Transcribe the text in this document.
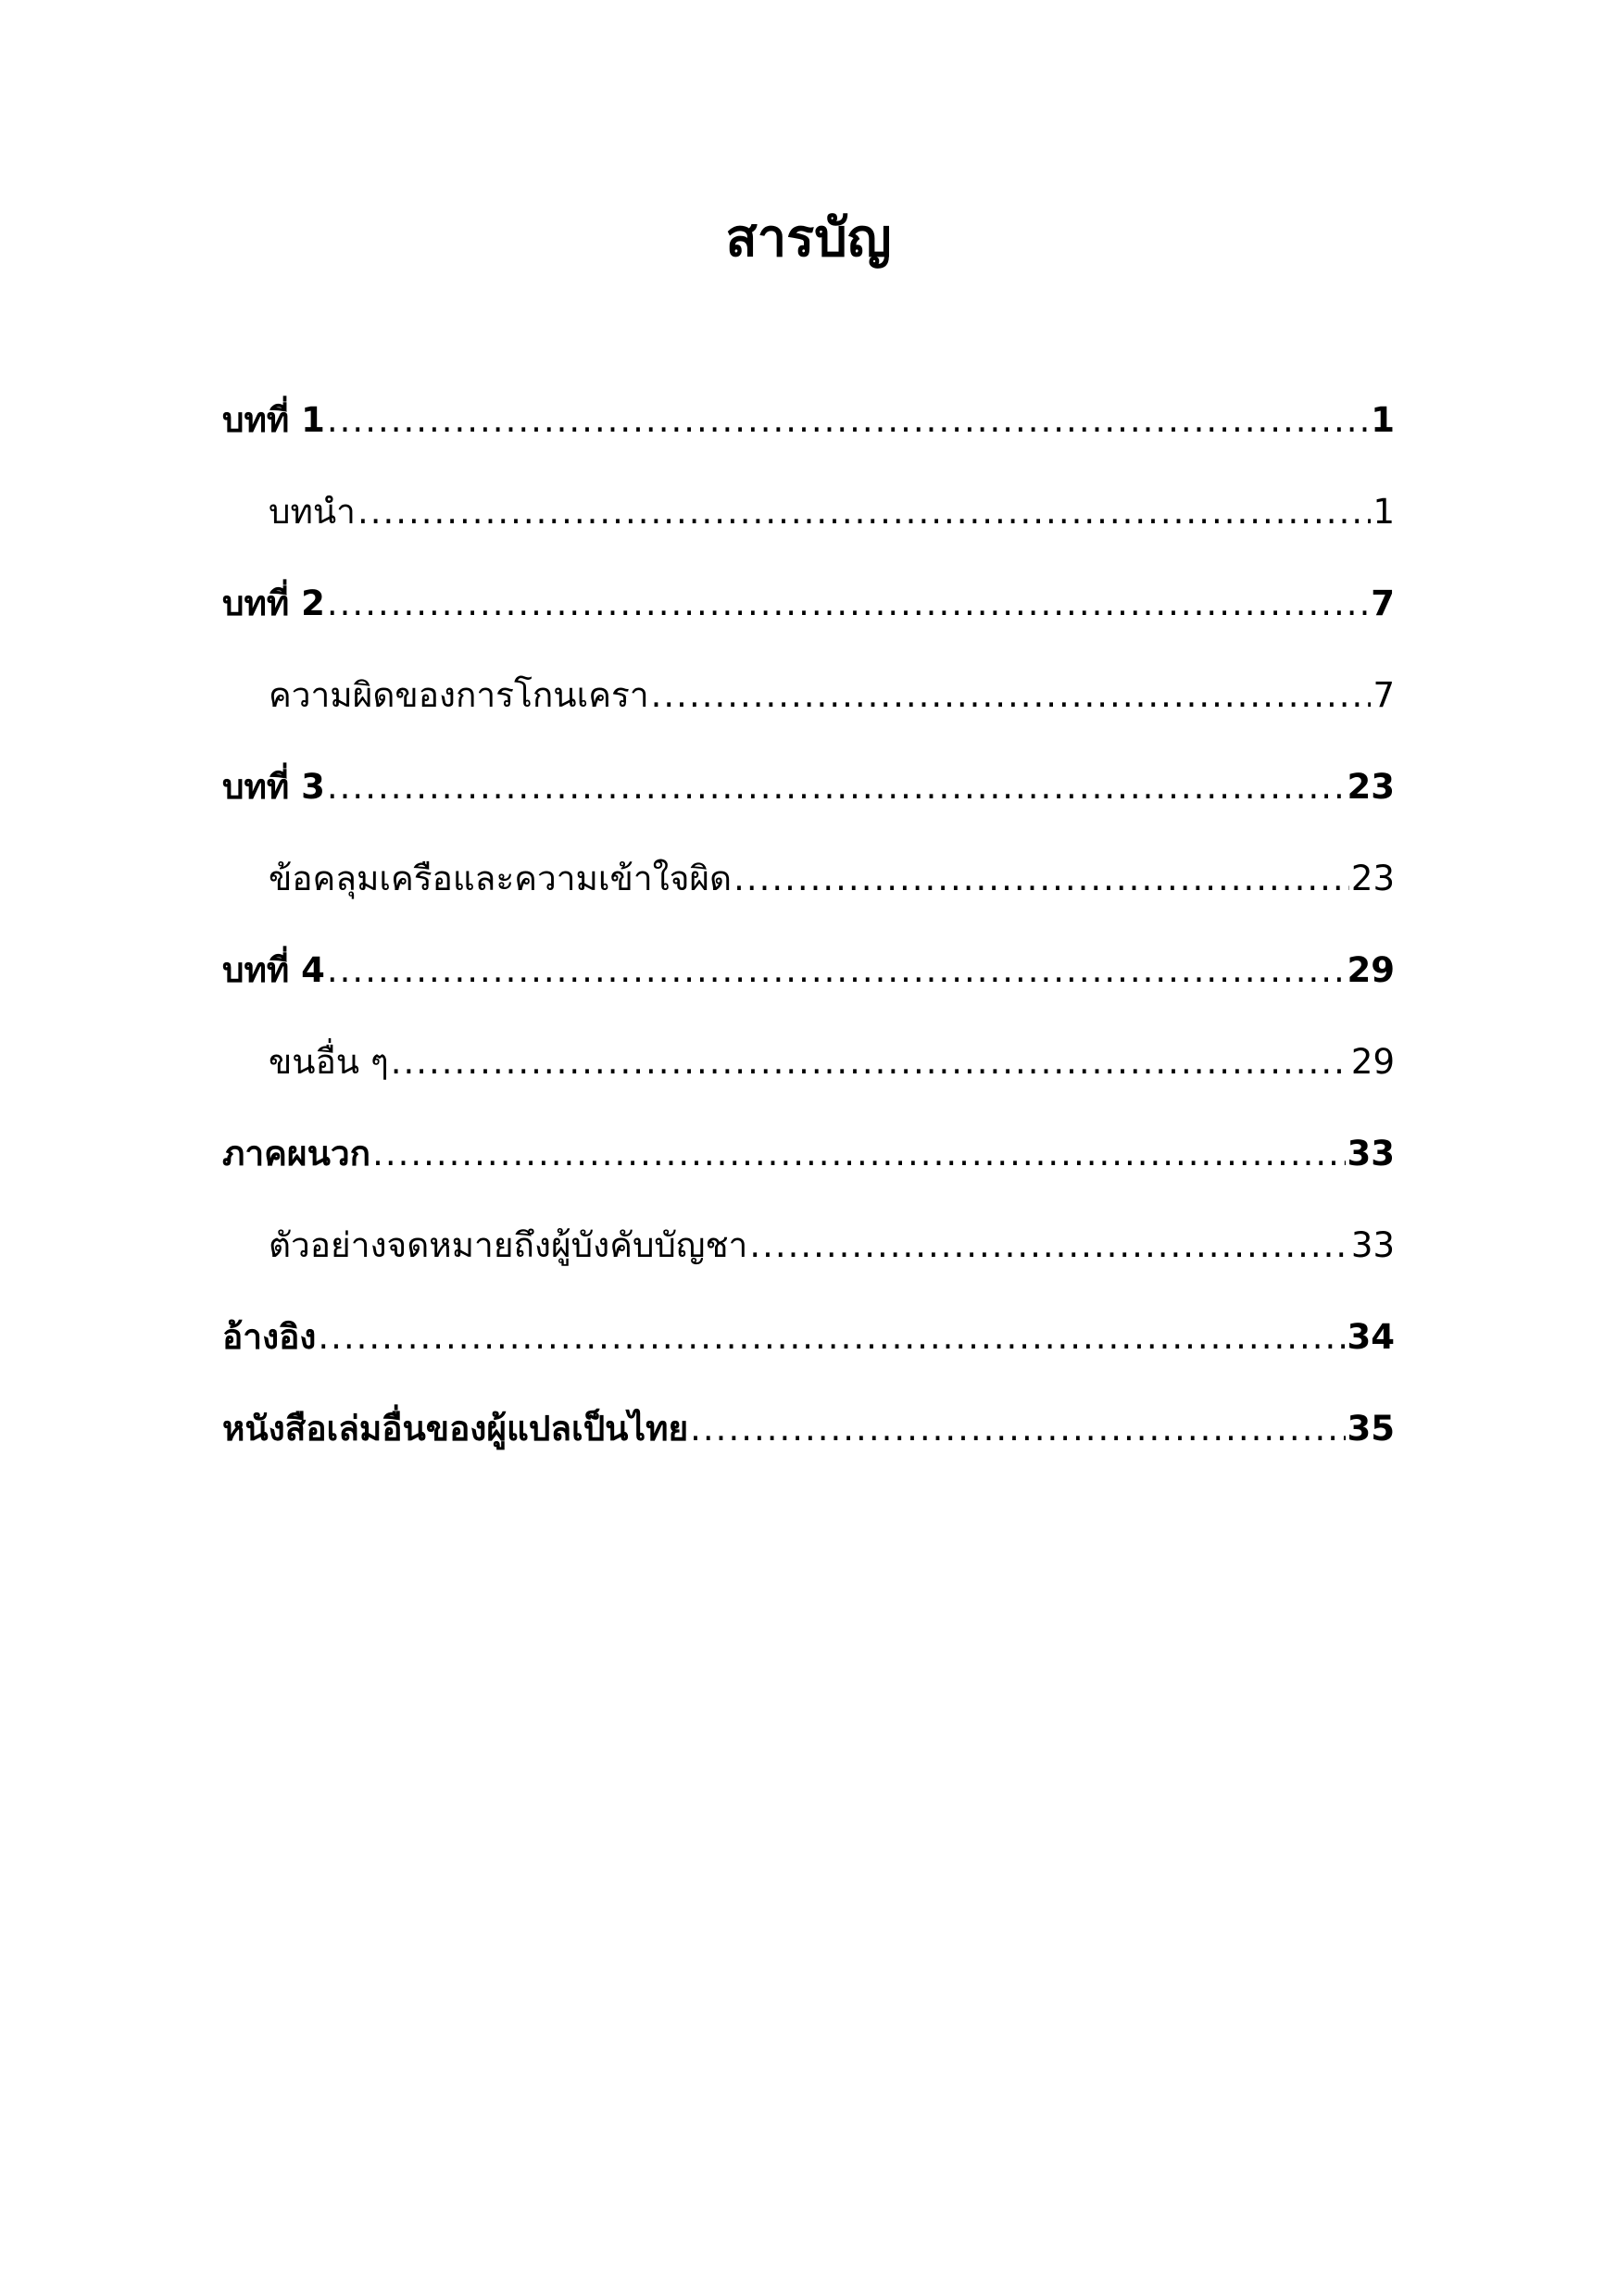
สารบัญ
บทที่ 1 .....	1
บทนำ .....	1
บทที่ 2 .....	7
ความผิดของการโกนเครา .....	7
บทที่ 3 .....	23
ข้อคลุมเครือและความเข้าใจผิด .....	23
บทที่ 4 .....	29
ขนอื่น ๆ .....	29
ภาคผนวก .....	33
ตัวอย่างจดหมายถึงผู้บังคับบัญชา .....	33
อ้างอิง .....	34
หนังสือเล่มอื่นของผู้แปลเป็นไทย .....	35
